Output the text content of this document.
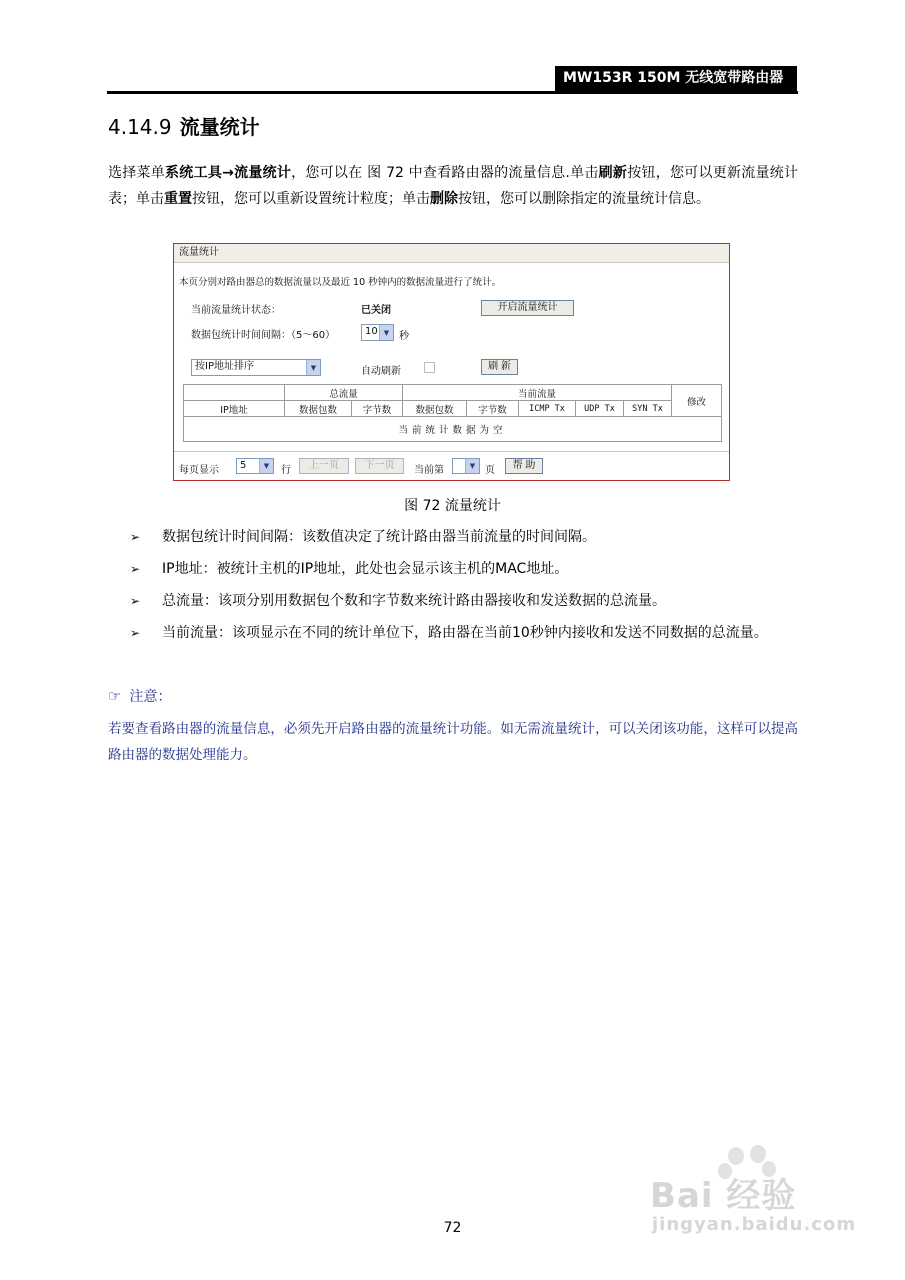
MW153R 150M 无线宽带路由器
4.14.9 流量统计
选择菜单系统工具→流量统计，您可以在 图 72 中查看路由器的流量信息.单击刷新按钮，您可以更新流量统计表；单击重置按钮，您可以重新设置统计粒度；单击删除按钮，您可以删除指定的流量统计信息。
流量统计
本页分别对路由器总的数据流量以及最近 10 秒钟内的数据流量进行了统计。
当前流量统计状态：	已关闭	开启流量统计
数据包统计时间间隔：（5～60）	10 ▼ 秒
按IP地址排序	▼	自动刷新	刷 新
	总流量		当前流量					修改
IP地址	数据包数	字节数	数据包数	字节数	ICMP Tx	UDP Tx	SYN Tx	
当前统计数据为空								
每页显示	5	▼	行	上一页	下一页	当前第	▼ 页	帮 助
图 72 流量统计
➢ 数据包统计时间间隔：该数值决定了统计路由器当前流量的时间间隔。
➢ IP地址：被统计主机的IP地址，此处也会显示该主机的MAC地址。
➢ 总流量：该项分别用数据包个数和字节数来统计路由器接收和发送数据的总流量。
➢ 当前流量：该项显示在不同的统计单位下，路由器在当前10秒钟内接收和发送不同数据的总流量。
☞ 注意：
若要查看路由器的流量信息，必须先开启路由器的流量统计功能。如无需流量统计，可以关闭该功能，这样可以提高路由器的数据处理能力。
Bai 经验
jingyan.baidu.com
72
